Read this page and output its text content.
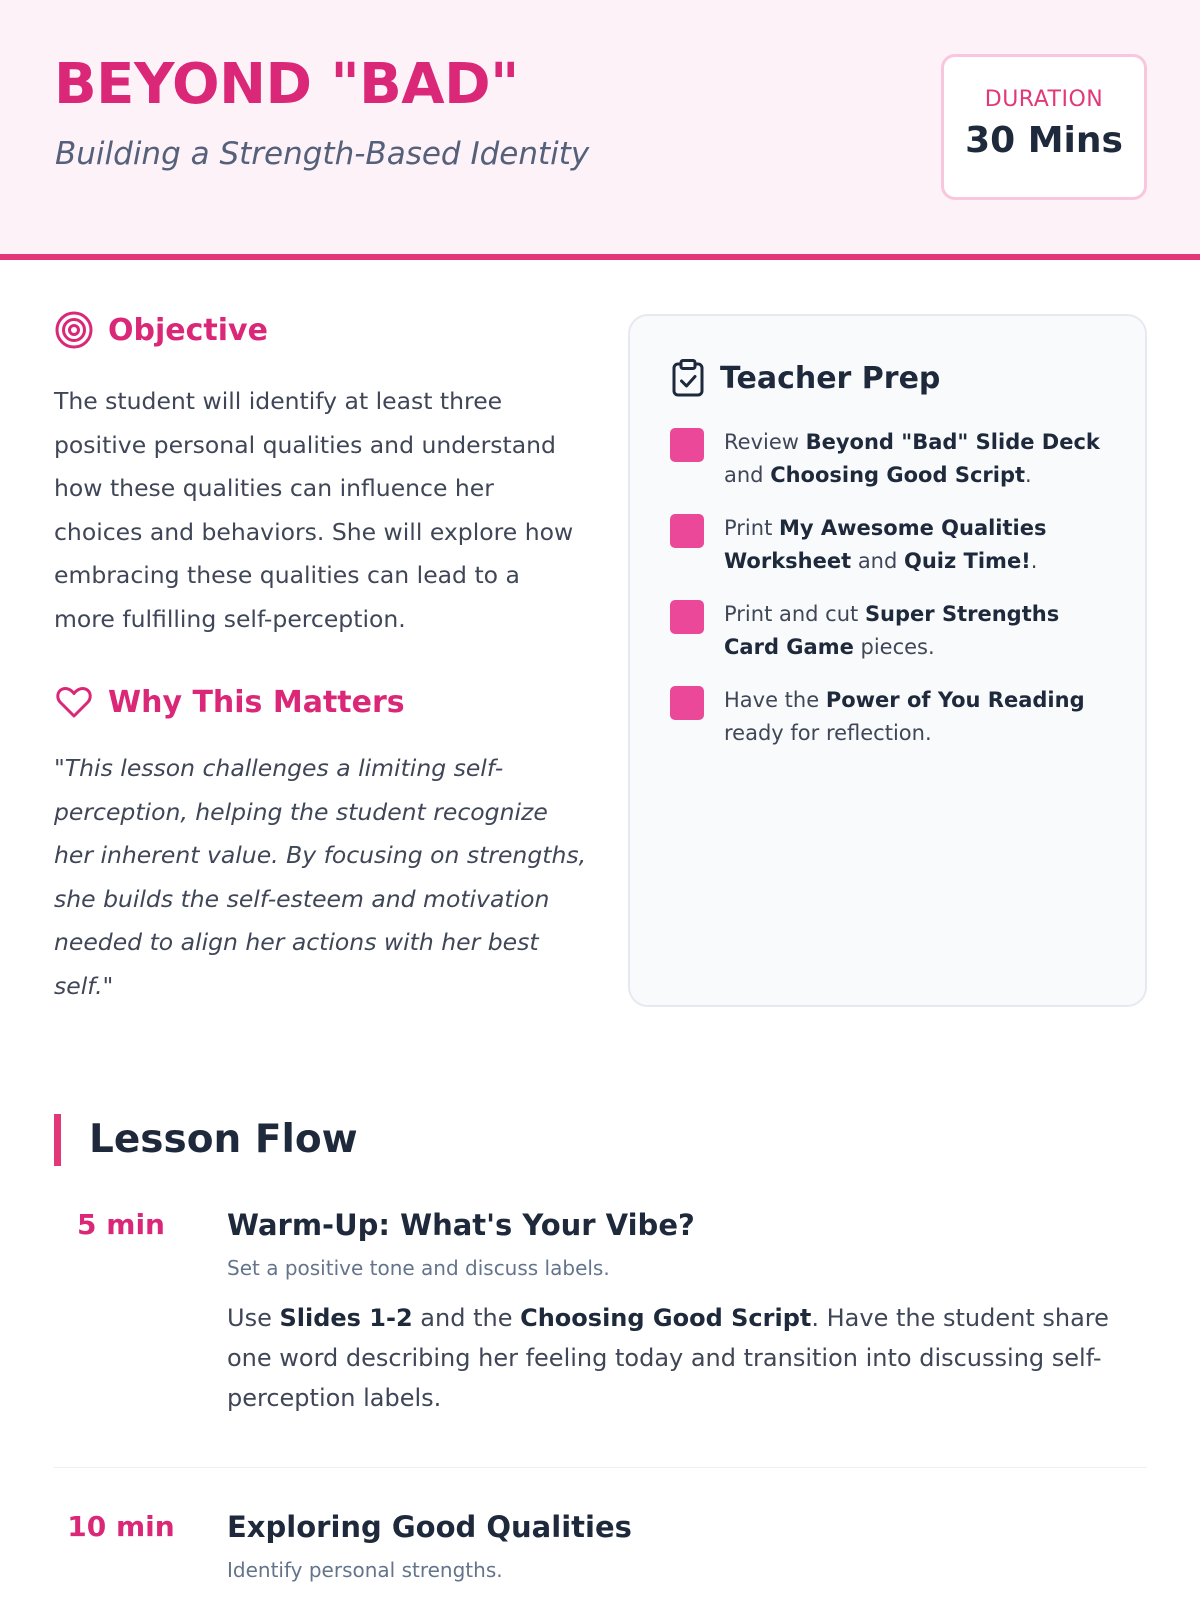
BEYOND "BAD"
Building a Strength-Based Identity
DURATION
30 Mins
Objective

The student will identify at least three positive personal qualities and understand how these qualities can influence her choices and behaviors. She will explore how embracing these qualities can lead to a more fulfilling self-perception.

Why This Matters

"This lesson challenges a limiting self-perception, helping the student recognize her inherent value. By focusing on strengths, she builds the self-esteem and motivation needed to align her actions with her best self."

Teacher Prep
Review Beyond "Bad" Slide Deck and Choosing Good Script.
Print My Awesome Qualities Worksheet and Quiz Time!.
Print and cut Super Strengths Card Game pieces.
Have the Power of You Reading ready for reflection.
Lesson Flow
5 min	Warm-Up: What's Your Vibe?
Set a positive tone and discuss labels.
Use Slides 1-2 and the Choosing Good Script. Have the student share one word describing her feeling today and transition into discussing self-perception labels.
10 min	Exploring Good Qualities
Identify personal strengths.
